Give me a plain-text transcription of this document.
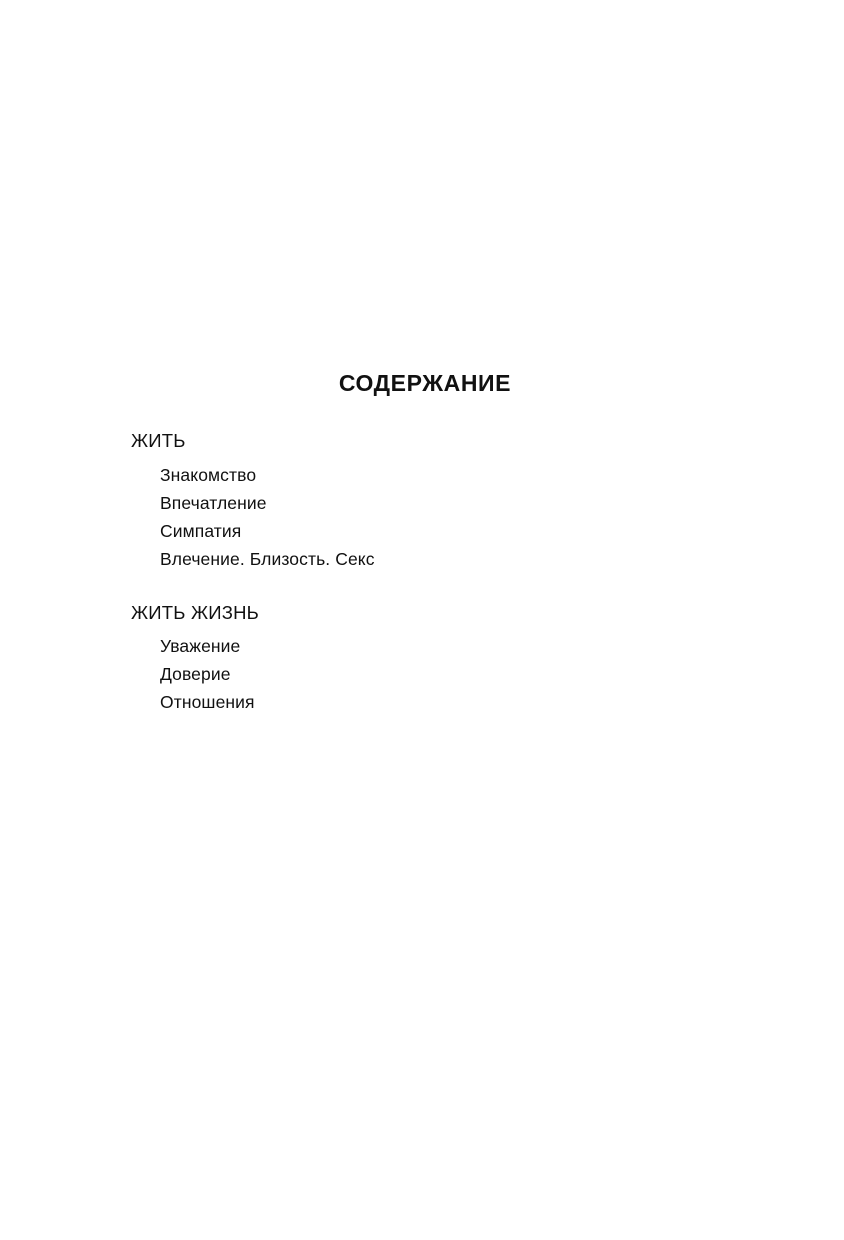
СОДЕРЖАНИЕ

ЖИТЬ

Знакомство
Впечатление
Симпатия
Влечение. Близость. Секс

ЖИТЬ ЖИЗНЬ

Уважение
Доверие
Отношения
